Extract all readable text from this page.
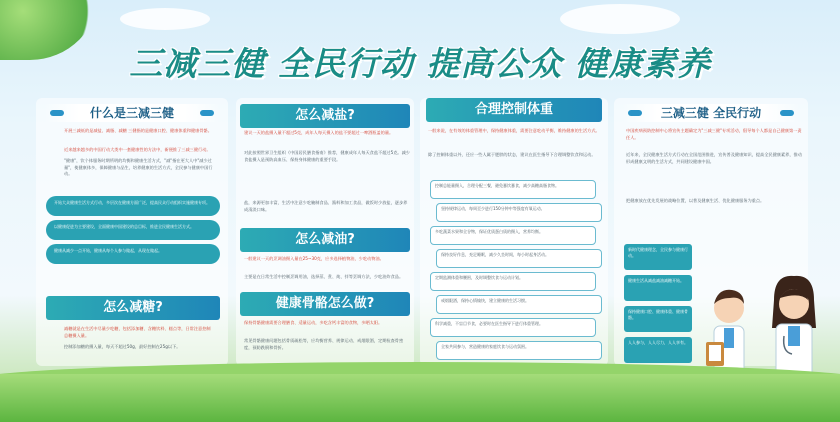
三减三健 全民行动 提高公众 健康素养
什么是三减三健
开展三减低的是减盐、减脂、减糖 三健指的是健康口腔、健康体重和健康骨骼。
近来越来越多的中国行动大类中一套健康性的方法中，新便推了三减三健行动。
"健康"，饮个体服务时期所明的均衡和健康生活方式，"减"指在更大人中"减少过量"，使健康体多，保障健康与品生，培养健康的生活方式，全民参与健康中国行动。
开始大众健康生活方式行动，多层次在健康方面广泛，提高民众行动组织实施健康专项。
以健康促进为主要建设，全面健康中国建设的总目标，推进全民健康生活方式。
健康从减少一点开始，健康从每个人参与做起，从现在做起。
怎么减糖?
减糖就是在生活中尽量少吃糖，包括添加糖、含糖饮料、糕点等，日常注意控制总糖摄入量。
控制添加糖的摄入量，每天不超过50g，最好控制在25g以下。
怎么减盐?
建议一天的盐摄入量不超过5克，成年人每天摄入的盐不要超过一啤酒瓶盖的量。
对此按照世界卫生组织《中国居民膳食指南》推荐，健康成年人每天食盐不超过5克。减少食盐摄入是预防高血压、保持身体健康的重要手段。
盐，来源更加丰富，生活中注意少吃腌制食品、酱料和加工食品，做饭时少放盐，逐步养成清淡口味。
怎么减油?
一般建议一天的烹调油摄入量在25~30克，应多选择植物油，少吃动物油。
主要是在日常生活中控制烹调用油，选择蒸、煮、炖、拌等烹调方法，少吃油炸食品。
健康骨骼怎么做?
保持骨骼健康需要合理膳食、适量运动，多吃含钙丰富的食物，多晒太阳。
常见骨骼健康问题包括骨质疏松等，应均衡营养、规律运动、戒烟限酒，定期检查骨密度，预防跌倒和骨折。
合理控制体重
一般来说，在有效的体重管理中，保持健康体重，需要注意吃动平衡，维持健康的生活方式。
除了控制体重以外，还应一些人属于肥胖的状态，建议在医生指导下合理调整饮食和运动。
控制总能量摄入，合理分配三餐，避免暴饮暴食，减少高糖高脂食物。
坚持规律运动，每周至少进行150分钟中等强度有氧运动。
多吃蔬菜水果和全谷物，保证优质蛋白质的摄入，营养均衡。
保持良好作息，充足睡眠，减少久坐时间，每小时起身活动。
定期监测体重和腰围，及时调整饮食与运动计划。
戒烟限酒，保持心情愉快，建立健康的生活习惯。
科学减重，不盲目节食，必要时在医生指导下进行体重管理。
全家共同参与，营造健康的家庭饮食与运动氛围。
三减三健 全民行动
中国疾病预防控制中心将宣传主题确定为"三减三健"专项活动，倡导每个人都是自己健康第一责任人。
近年来，全民健康生活方式行动在全国范围推进，宣传普及健康知识，提高全民健康素养，推动形成健康文明的生活方式，共同建设健康中国。
把健康放在优先发展的战略位置，以普及健康生活、优化健康服务为重点。
新时代健康理念，全民参与健康行动。
健康生活从减盐减油减糖开始。
保持健康口腔、健康体重、健康骨骼。
人人参与，人人尽力，人人享有。
